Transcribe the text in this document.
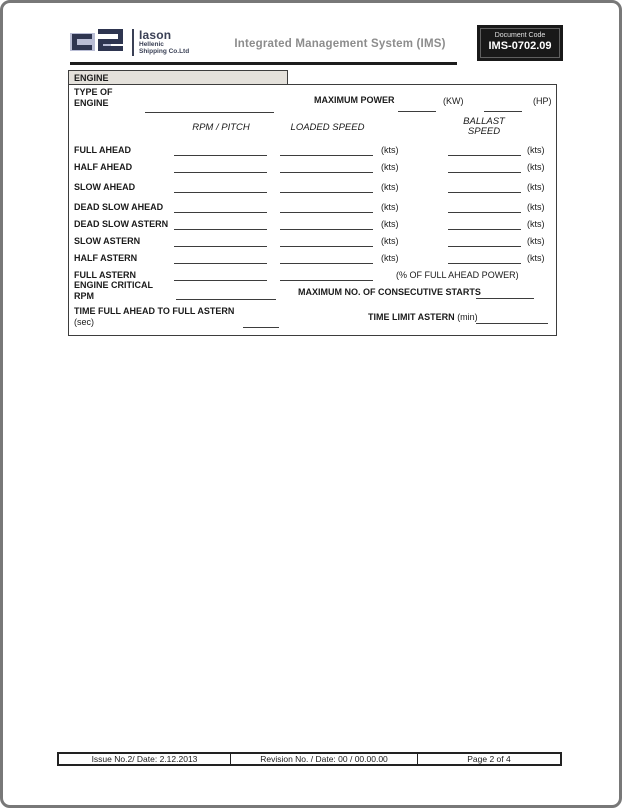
Iason
Hellenic
Shipping Co.Ltd
Integrated Management System (IMS)
Document Code
IMS-0702.09
ENGINE
TYPE OF
ENGINE	MAXIMUM POWER	(KW)	(HP)
RPM / PITCH	LOADED SPEED
BALLAST
SPEED
FULL AHEAD	(kts)	(kts)
HALF AHEAD	(kts)	(kts)
SLOW AHEAD	(kts)	(kts)
DEAD SLOW AHEAD	(kts)	(kts)
DEAD SLOW ASTERN	(kts)	(kts)
SLOW ASTERN	(kts)	(kts)
HALF ASTERN	(kts)	(kts)
FULL ASTERN	(% OF FULL AHEAD POWER)
ENGINE CRITICAL
RPM	MAXIMUM NO. OF CONSECUTIVE STARTS
TIME FULL AHEAD TO FULL ASTERN
(sec)	TIME LIMIT ASTERN (min)
Issue No.2/ Date: 2.12.2013	Revision No. / Date: 00 / 00.00.00	Page 2 of 4
